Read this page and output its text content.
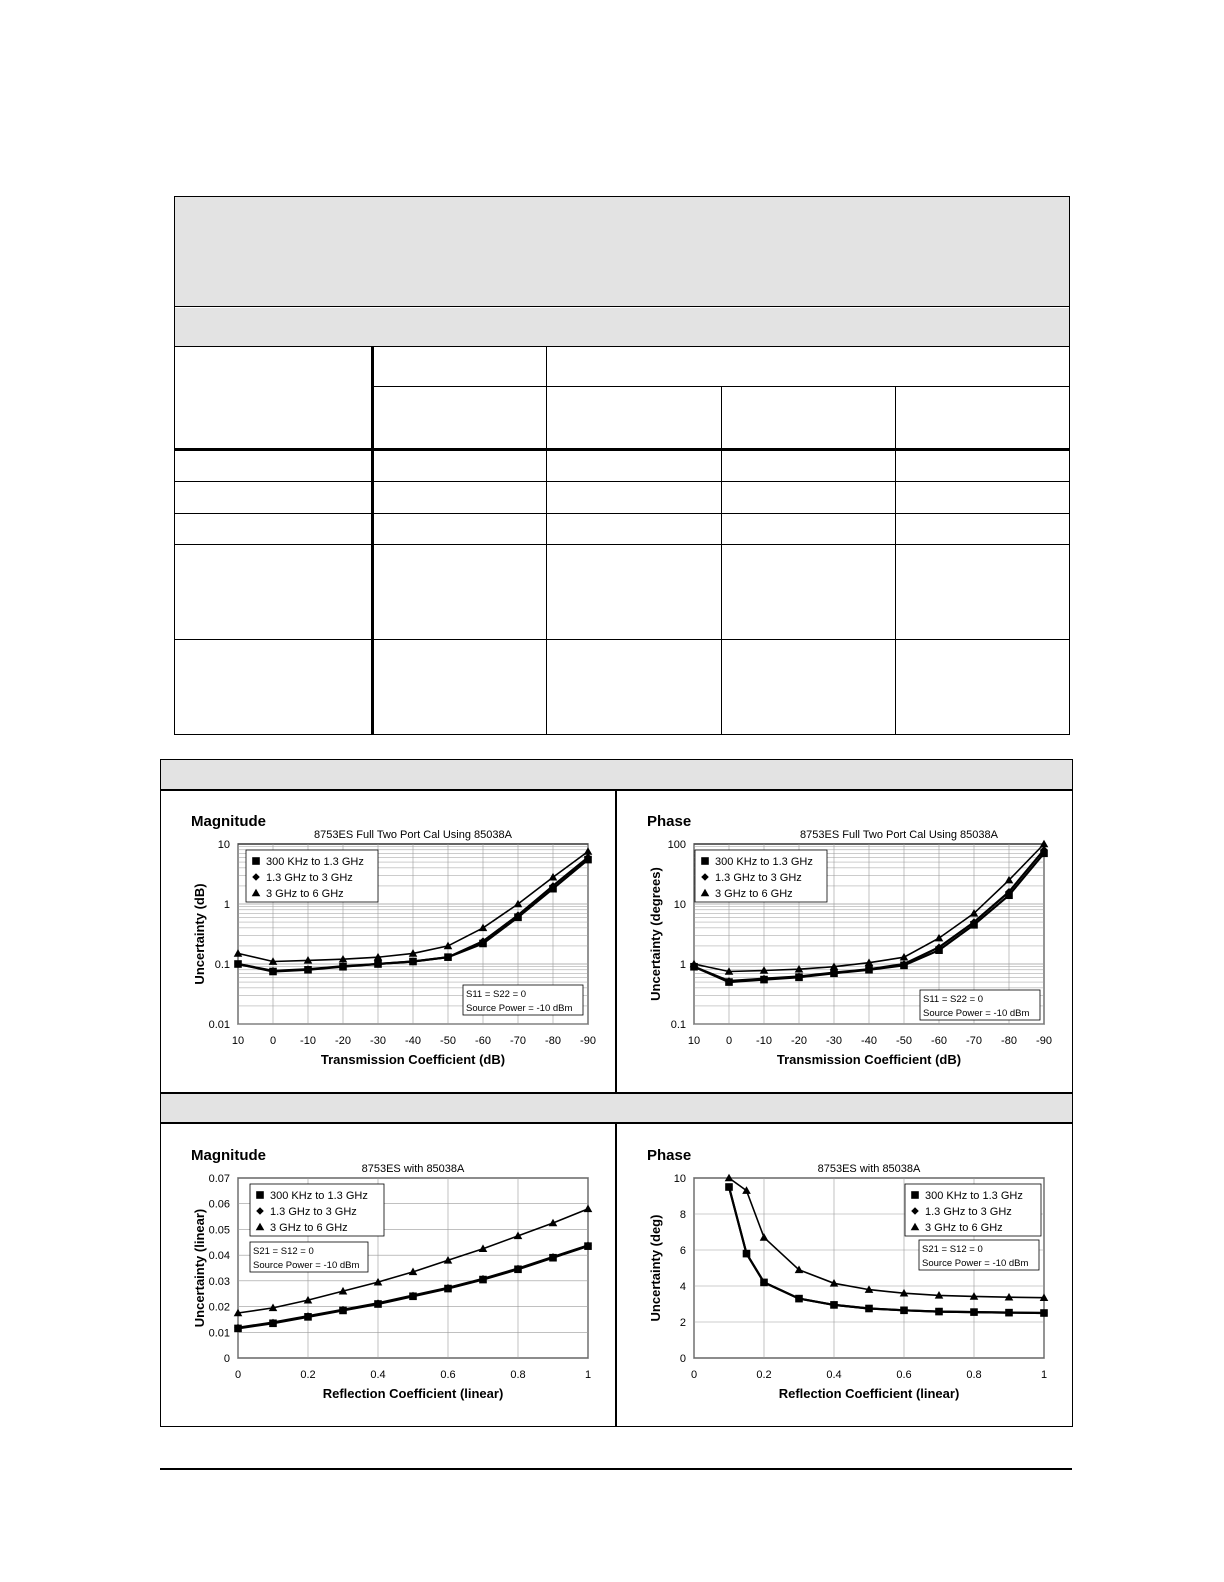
Magnitude	Phase
Magnitude	Phase
10 0 -10 -20 -30 -40 -50 -60 -70 -80 -90
10
1
0.1
0.01
8753ES Full Two Port Cal Using 85038A
Transmission Coefficient (dB)
Uncertainty (dB)
300 KHz to 1.3 GHz
1.3 GHz to 3 GHz
3 GHz to 6 GHz
S11 = S22 = 0
Source Power = -10 dBm
10 0 -10 -20 -30 -40 -50 -60 -70 -80 -90
100
10
1
0.1
8753ES Full Two Port Cal Using 85038A
Transmission Coefficient (dB)
Uncertainty (degrees)
300 KHz to 1.3 GHz
1.3 GHz to 3 GHz
3 GHz to 6 GHz
S11 = S22 = 0
Source Power = -10 dBm
0	0.2	0.4	0.6	0.8	1
0.07
0.06
0.05
0.04
0.03
0.02
0.01
0
8753ES with 85038A
Reflection Coefficient (linear)
Uncertainty (linear)
300 KHz to 1.3 GHz
1.3 GHz to 3 GHz
3 GHz to 6 GHz
S21 = S12 = 0
Source Power = -10 dBm
0	0.2	0.4	0.6	0.8	1
10
8
6
4
2
0
8753ES with 85038A
Reflection Coefficient (linear)
Uncertainty (deg)
300 KHz to 1.3 GHz
1.3 GHz to 3 GHz
3 GHz to 6 GHz
S21 = S12 = 0
Source Power = -10 dBm
